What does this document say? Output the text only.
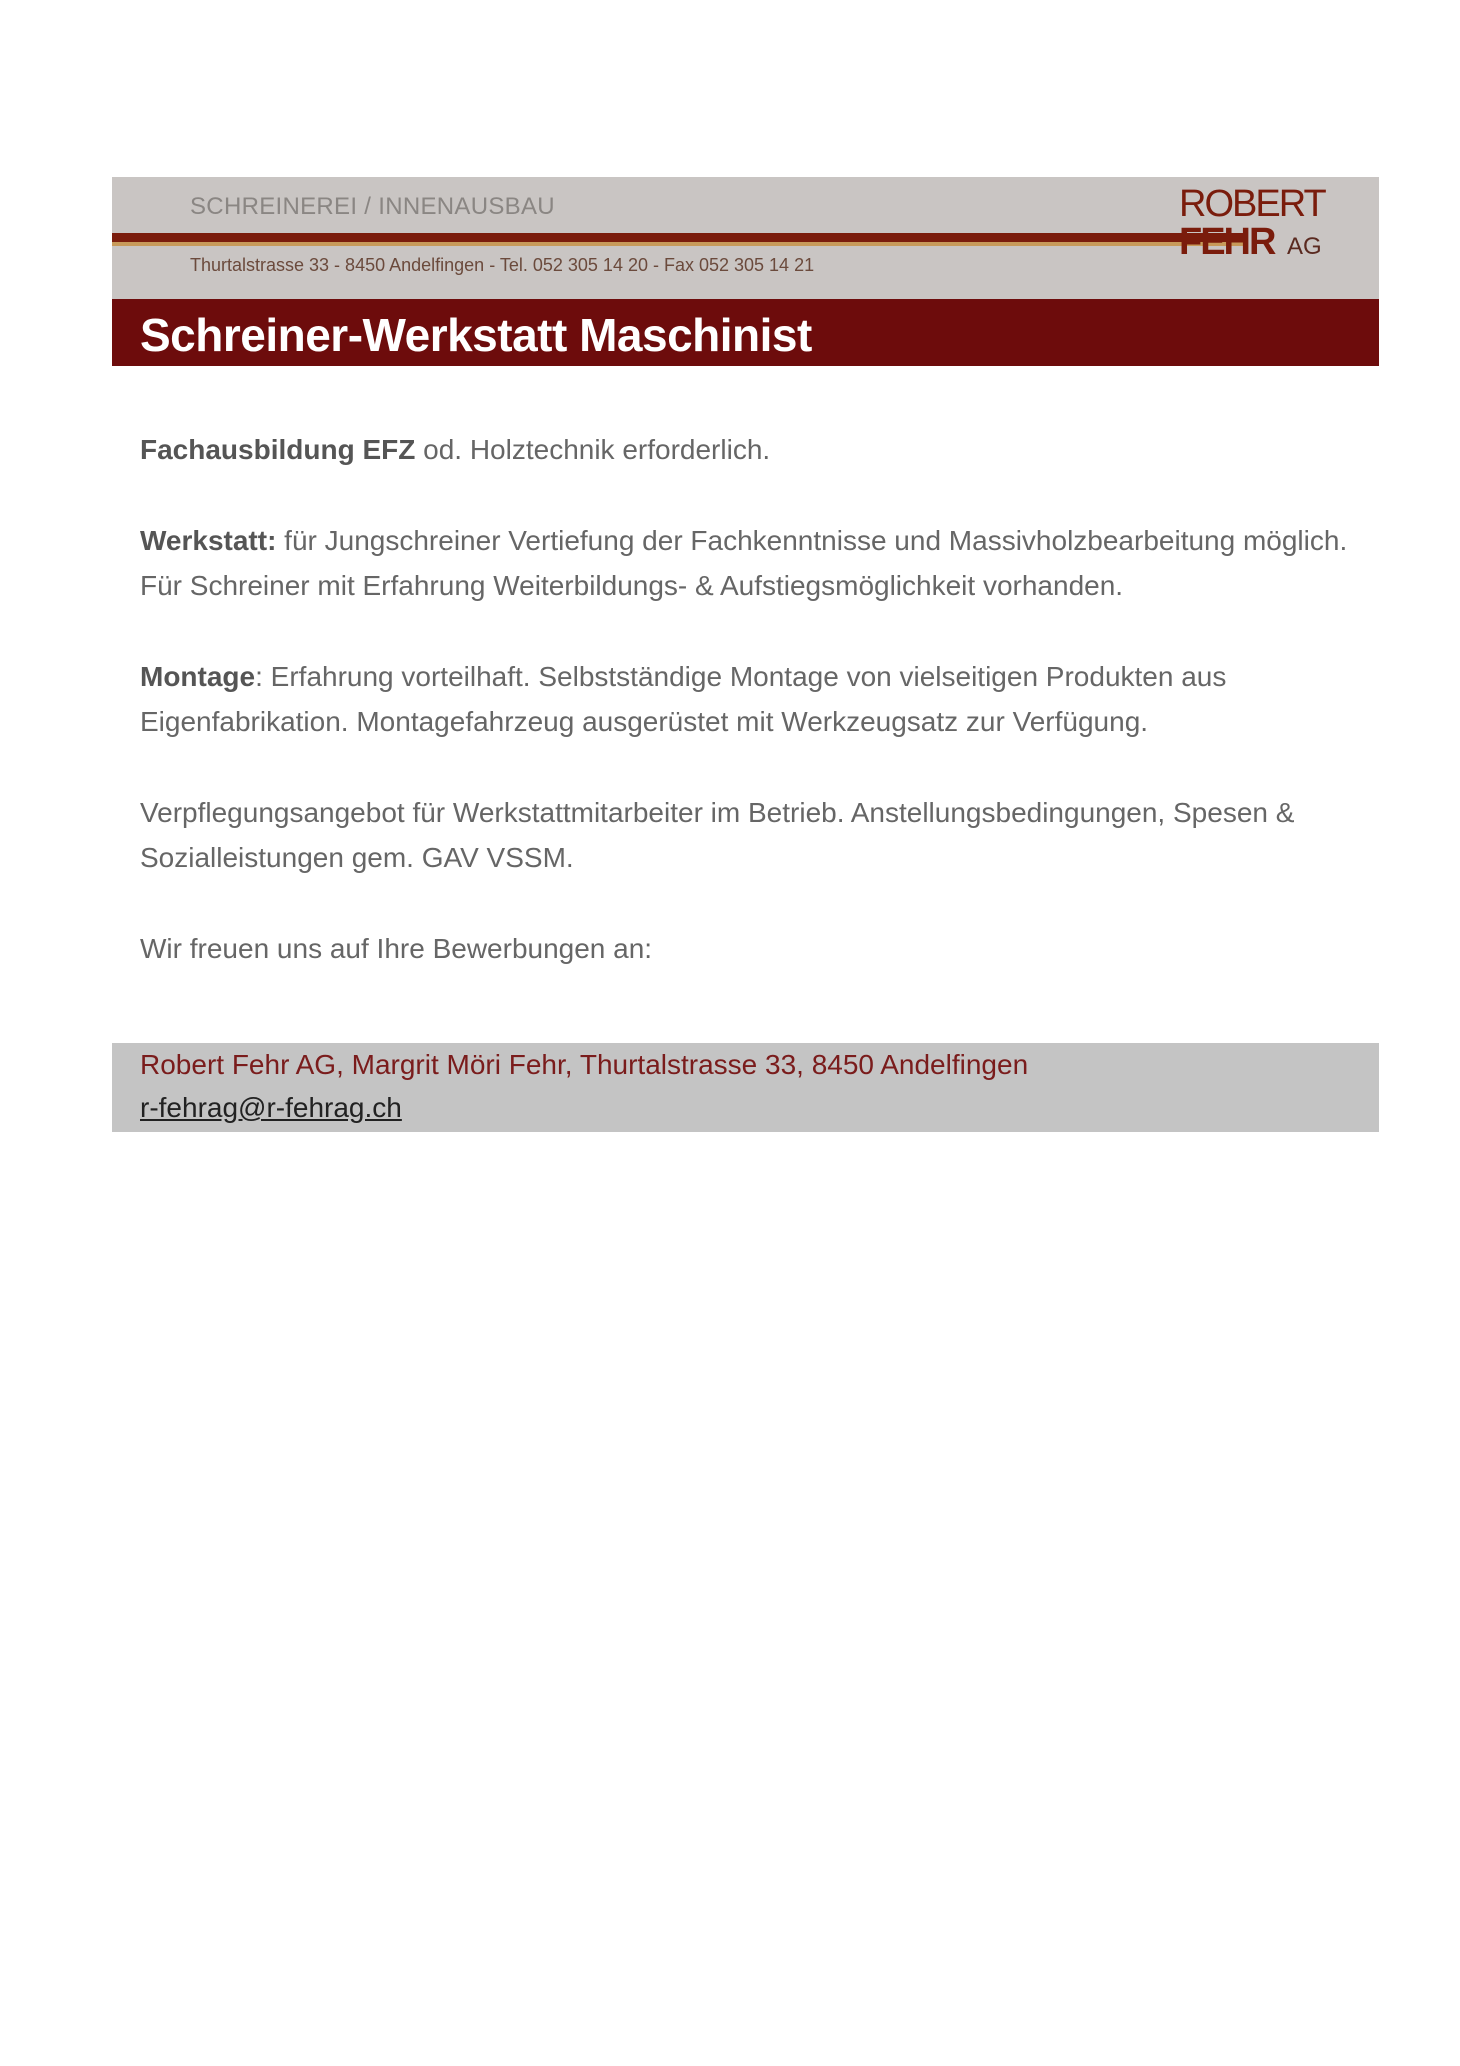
SCHREINEREI / INNENAUSBAU
Thurtalstrasse 33 - 8450 Andelfingen - Tel. 052 305 14 20 - Fax 052 305 14 21
ROBERT
FEHR AG
Schreiner-Werkstatt Maschinist

Fachausbildung EFZ od. Holztechnik erforderlich.

Werkstatt: für Jungschreiner Vertiefung der Fachkenntnisse und Massivholzbearbeitung möglich. Für Schreiner mit Erfahrung Weiterbildungs- & Aufstiegsmöglichkeit vorhanden.

Montage: Erfahrung vorteilhaft. Selbstständige Montage von vielseitigen Produkten aus Eigenfabrikation. Montagefahrzeug ausgerüstet mit Werkzeugsatz zur Verfügung.

Verpflegungsangebot für Werkstattmitarbeiter im Betrieb. Anstellungsbedingungen, Spesen & Sozialleistungen gem. GAV VSSM.

Wir freuen uns auf Ihre Bewerbungen an:

Robert Fehr AG, Margrit Möri Fehr, Thurtalstrasse 33, 8450 Andelfingen
r-fehrag@r-fehrag.ch
